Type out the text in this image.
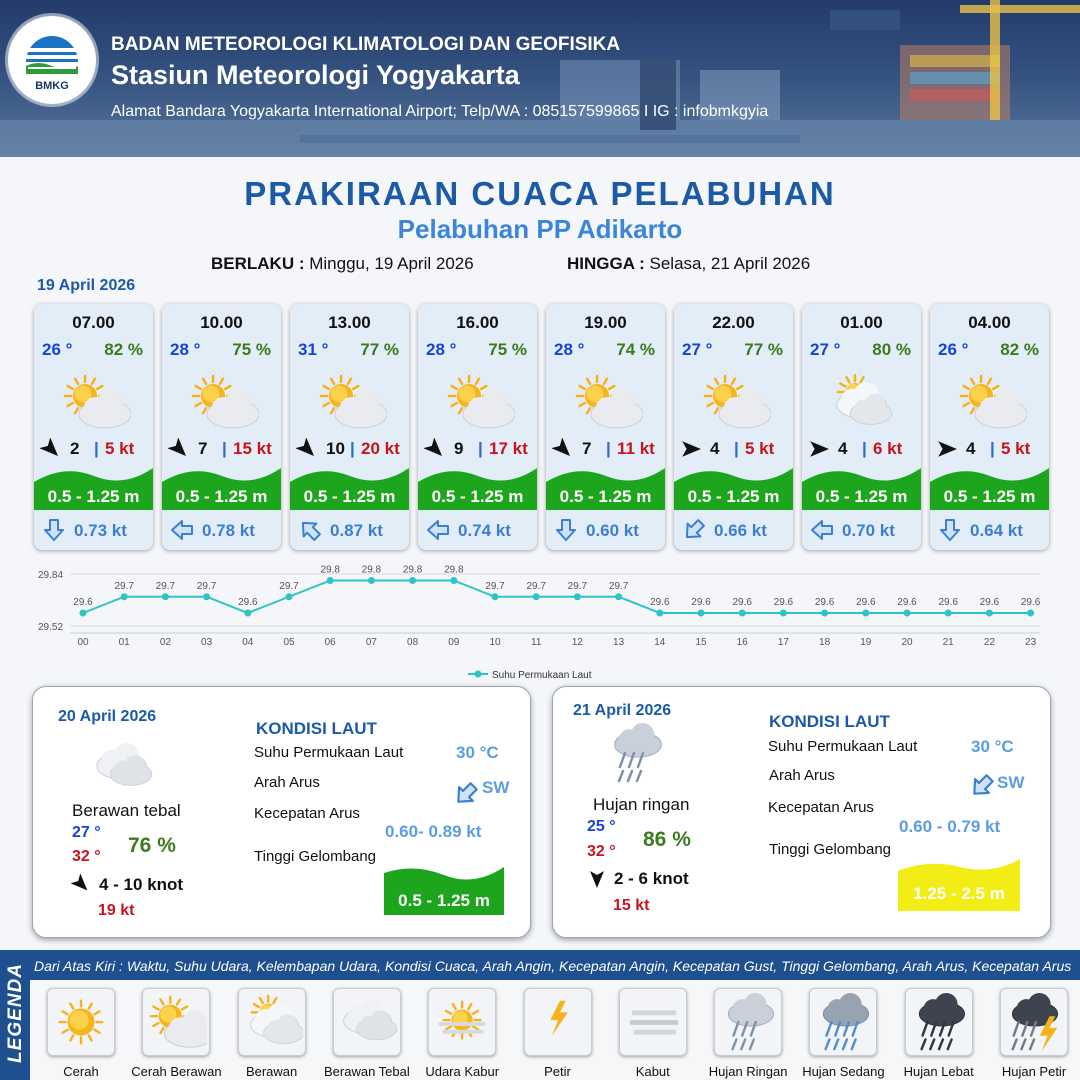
BMKG
BADAN METEOROLOGI KLIMATOLOGI DAN GEOFISIKA
Stasiun Meteorologi Yogyakarta
Alamat Bandara Yogyakarta International Airport; Telp/WA : 085157599865 I IG : infobmkgyia
PRAKIRAAN CUACA PELABUHAN
Pelabuhan PP Adikarto
BERLAKU : Minggu, 19 April 2026	HINGGA : Selasa, 21 April 2026
19 April 2026
07.00
26 ° 82 %
2 | 5 kt
0.5 - 1.25 m
0.73 kt
10.00
28 ° 75 %
7 | 15 kt
0.5 - 1.25 m
0.78 kt
13.00
31 ° 77 %
10 | 20 kt
0.5 - 1.25 m
0.87 kt
16.00
28 ° 75 %
9 | 17 kt
0.5 - 1.25 m
0.74 kt
19.00
28 ° 74 %
7 | 11 kt
0.5 - 1.25 m
0.60 kt
22.00
27 ° 77 %
4 | 5 kt
0.5 - 1.25 m
0.66 kt
01.00
27 ° 80 %
4 | 6 kt
0.5 - 1.25 m
0.70 kt
04.00
26 ° 82 %
4 | 5 kt
0.5 - 1.25 m
0.64 kt
29.84
29.52
29.6
00
29.7
01
29.7
02
29.7
03
29.6
04
29.7
05
29.8
06
29.8
07
29.8
08
29.8
09
29.7
10
29.7
11
29.7
12
29.7
13
29.6
14
29.6
15
29.6
16
29.6
17
29.6
18
29.6
19
29.6
20
29.6
21
29.6
22
29.6
23
Suhu Permukaan Laut
20 April 2026
Berawan tebal
27 °
32 ° 76 %
4 - 10 knot
19 kt
KONDISI LAUT
Suhu Permukaan Laut	30 °C
Arah Arus	SW
Kecepatan Arus
0.60- 0.89 kt
Tinggi Gelombang
0.5 - 1.25 m
21 April 2026
Hujan ringan
25 °
32 °
86 %
2 - 6 knot
15 kt
KONDISI LAUT
Suhu Permukaan Laut	30 °C
Arah Arus	SW
Kecepatan Arus
0.60 - 0.79 kt
Tinggi Gelombang
1.25 - 2.5 m
LEGENDA Dari Atas Kiri : Waktu, Suhu Udara, Kelembapan Udara, Kondisi Cuaca, Arah Angin, Kecepatan Angin, Kecepatan Gust, Tinggi Gelombang, Arah Arus, Kecepatan Arus
Cerah	Cerah Berawan	Berawan	Berawan Tebal	Udara Kabur	Petir	Kabut	Hujan Ringan	Hujan Sedang	Hujan Lebat	Hujan Petir
